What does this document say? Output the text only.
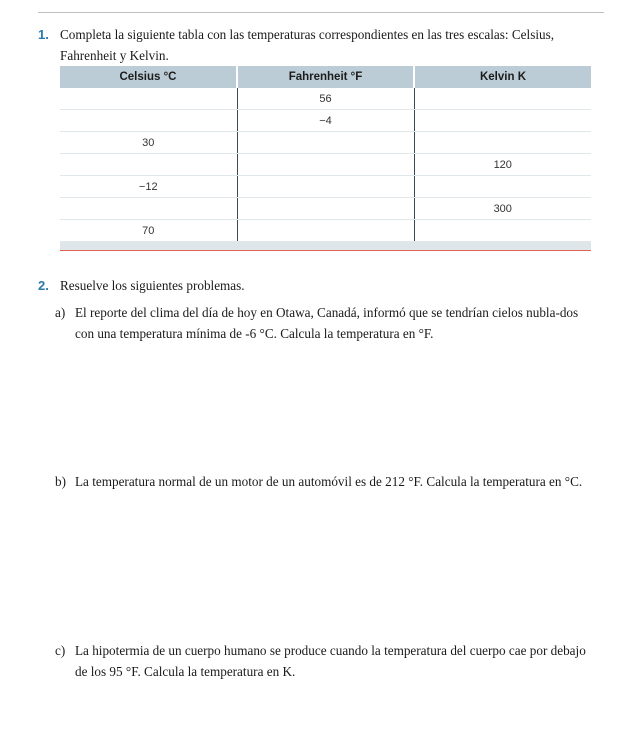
1. Completa la siguiente tabla con las temperaturas correspondientes en las tres escalas: Celsius, Fahrenheit y Kelvin.
Celsius °C	Fahrenheit °F	Kelvin K
	56	
	−4	
30		
		120
−12		
		300
70		
2. Resuelve los siguientes problemas.
a) El reporte del clima del día de hoy en Otawa, Canadá, informó que se tendrían cielos nubla-dos con una temperatura mínima de -6 °C. Calcula la temperatura en °F.
b) La temperatura normal de un motor de un automóvil es de 212 °F. Calcula la temperatura en °C.
c) La hipotermia de un cuerpo humano se produce cuando la temperatura del cuerpo cae por debajo de los 95 °F. Calcula la temperatura en K.
